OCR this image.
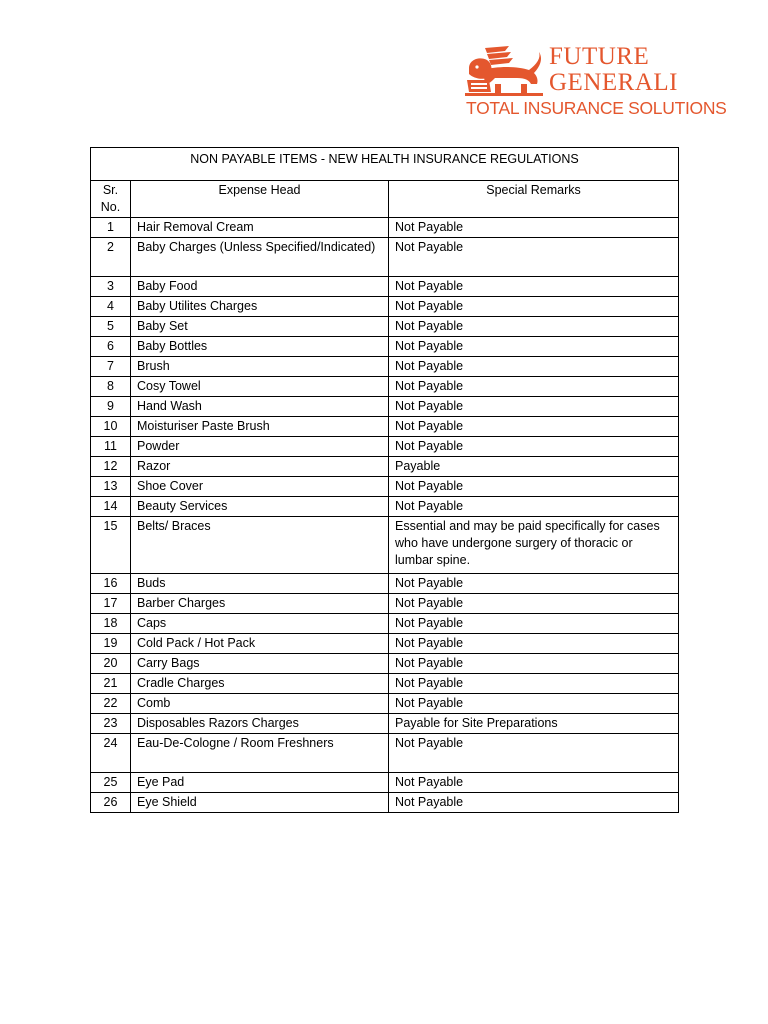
FUTURE
GENERALI
TOTAL INSURANCE SOLUTIONS
NON PAYABLE ITEMS - NEW HEALTH INSURANCE REGULATIONS		
Sr. No.	Expense Head	Special Remarks
1	Hair Removal Cream	Not Payable
2	Baby Charges (Unless Specified/Indicated)	Not Payable
3	Baby Food	Not Payable
4	Baby Utilites Charges	Not Payable
5	Baby Set	Not Payable
6	Baby Bottles	Not Payable
7	Brush	Not Payable
8	Cosy Towel	Not Payable
9	Hand Wash	Not Payable
10	Moisturiser Paste Brush	Not Payable
11	Powder	Not Payable
12	Razor	Payable
13	Shoe Cover	Not Payable
14	Beauty Services	Not Payable
15	Belts/ Braces	Essential and may be paid specifically for cases who have undergone surgery of thoracic or lumbar spine.
16	Buds	Not Payable
17	Barber Charges	Not Payable
18	Caps	Not Payable
19	Cold Pack / Hot Pack	Not Payable
20	Carry Bags	Not Payable
21	Cradle Charges	Not Payable
22	Comb	Not Payable
23	Disposables Razors Charges	Payable for Site Preparations
24	Eau-De-Cologne / Room Freshners	Not Payable
25	Eye Pad	Not Payable
26	Eye Shield	Not Payable
